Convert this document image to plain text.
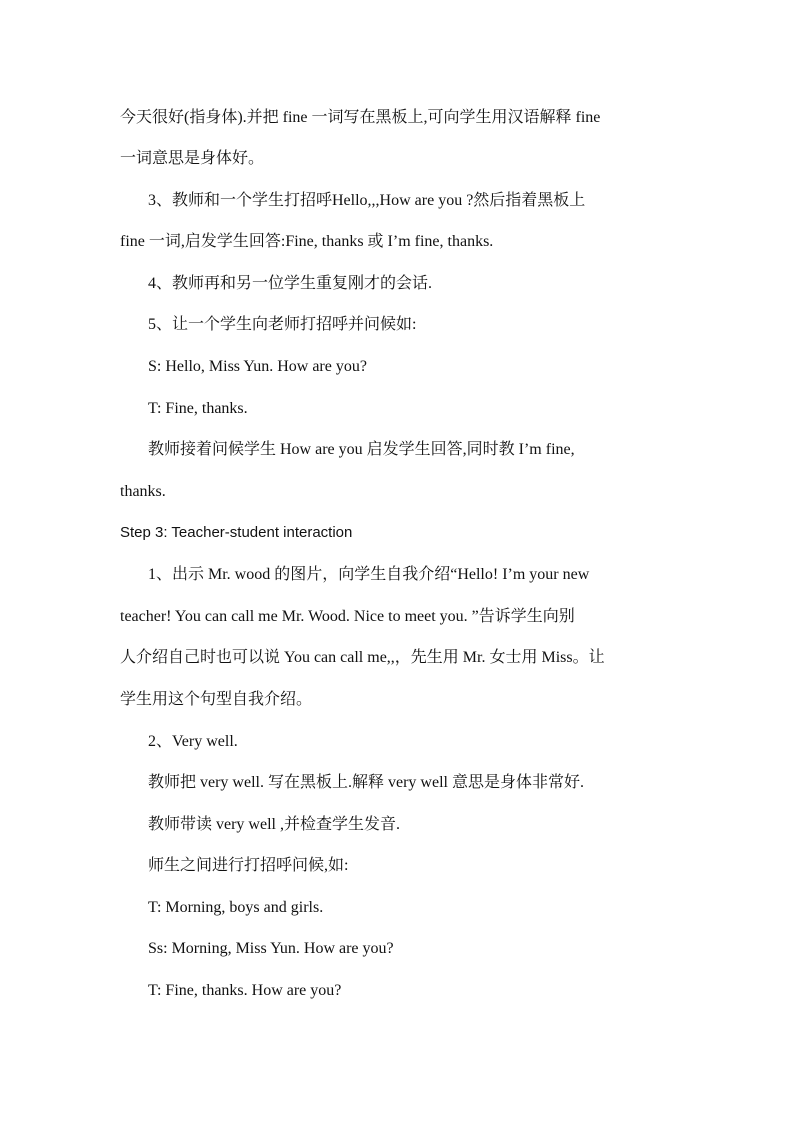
今天很好(指身体).并把 fine 一词写在黑板上,可向学生用汉语解释 fine
一词意思是身体好。
3、教师和一个学生打招呼Hello,,,How are you ?然后指着黑板上
fine 一词,启发学生回答:Fine, thanks 或 I’m fine, thanks.
4、教师再和另一位学生重复刚才的会话.
5、让一个学生向老师打招呼并问候如:
S: Hello, Miss Yun. How are you?
T: Fine, thanks.
教师接着问候学生 How are you 启发学生回答,同时教 I’m fine,
thanks.
Step 3: Teacher-student interaction
1、出示 Mr. wood 的图片，向学生自我介绍“Hello! I’m your new
teacher! You can call me Mr. Wood. Nice to meet you. ”告诉学生向别
人介绍自己时也可以说 You can call me,,，先生用 Mr. 女士用 Miss。让
学生用这个句型自我介绍。
2、Very well.
教师把 very well. 写在黑板上.解释 very well 意思是身体非常好.
教师带读 very well ,并检查学生发音.
师生之间进行打招呼问候,如:
T: Morning, boys and girls.
Ss: Morning, Miss Yun. How are you?
T: Fine, thanks. How are you?
